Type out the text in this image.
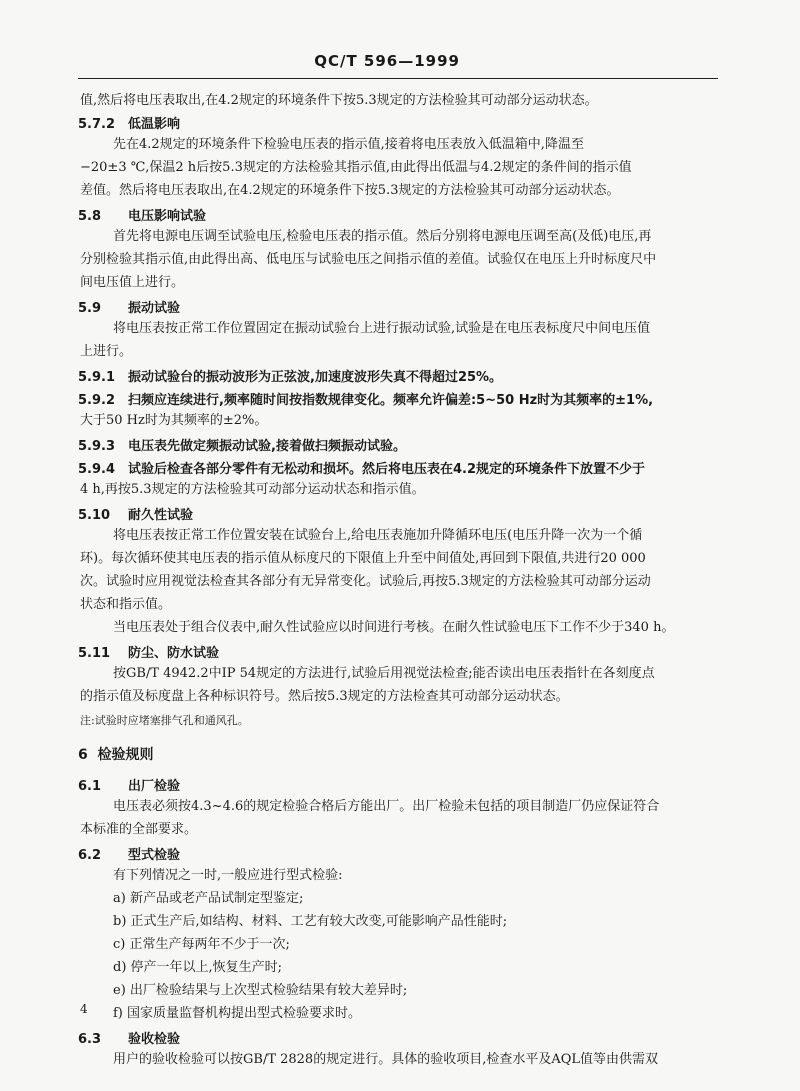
QC/T 596—1999
值,然后将电压表取出,在4.2规定的环境条件下按5.3规定的方法检验其可动部分运动状态。
5.7.2 低温影响
先在4.2规定的环境条件下检验电压表的指示值,接着将电压表放入低温箱中,降温至
−20±3 ℃,保温2 h后按5.3规定的方法检验其指示值,由此得出低温与4.2规定的条件间的指示值
差值。然后将电压表取出,在4.2规定的环境条件下按5.3规定的方法检验其可动部分运动状态。
5.8 电压影响试验
首先将电源电压调至试验电压,检验电压表的指示值。然后分别将电源电压调至高(及低)电压,再
分别检验其指示值,由此得出高、低电压与试验电压之间指示值的差值。试验仅在电压上升时标度尺中
间电压值上进行。
5.9 振动试验
将电压表按正常工作位置固定在振动试验台上进行振动试验,试验是在电压表标度尺中间电压值
上进行。
5.9.1 振动试验台的振动波形为正弦波,加速度波形失真不得超过25%。
5.9.2 扫频应连续进行,频率随时间按指数规律变化。频率允许偏差:5~50 Hz时为其频率的±1%,
大于50 Hz时为其频率的±2%。
5.9.3 电压表先做定频振动试验,接着做扫频振动试验。
5.9.4 试验后检查各部分零件有无松动和损坏。然后将电压表在4.2规定的环境条件下放置不少于
4 h,再按5.3规定的方法检验其可动部分运动状态和指示值。
5.10 耐久性试验
将电压表按正常工作位置安装在试验台上,给电压表施加升降循环电压(电压升降一次为一个循
环)。每次循环使其电压表的指示值从标度尺的下限值上升至中间值处,再回到下限值,共进行20 000
次。试验时应用视觉法检查其各部分有无异常变化。试验后,再按5.3规定的方法检验其可动部分运动
状态和指示值。
当电压表处于组合仪表中,耐久性试验应以时间进行考核。在耐久性试验电压下工作不少于340 h。
5.11 防尘、防水试验
按GB/T 4942.2中IP 54规定的方法进行,试验后用视觉法检查;能否读出电压表指针在各刻度点
的指示值及标度盘上各种标识符号。然后按5.3规定的方法检查其可动部分运动状态。
注:试验时应堵塞排气孔和通风孔。
6 检验规则
6.1 出厂检验
电压表必须按4.3~4.6的规定检验合格后方能出厂。出厂检验未包括的项目制造厂仍应保证符合
本标准的全部要求。
6.2 型式检验
有下列情况之一时,一般应进行型式检验:
a) 新产品或老产品试制定型鉴定;
b) 正式生产后,如结构、材料、工艺有较大改变,可能影响产品性能时;
c) 正常生产每两年不少于一次;
d) 停产一年以上,恢复生产时;
e) 出厂检验结果与上次型式检验结果有较大差异时;
f) 国家质量监督机构提出型式检验要求时。
6.3 验收检验
用户的验收检验可以按GB/T 2828的规定进行。具体的验收项目,检查水平及AQL值等由供需双
4
